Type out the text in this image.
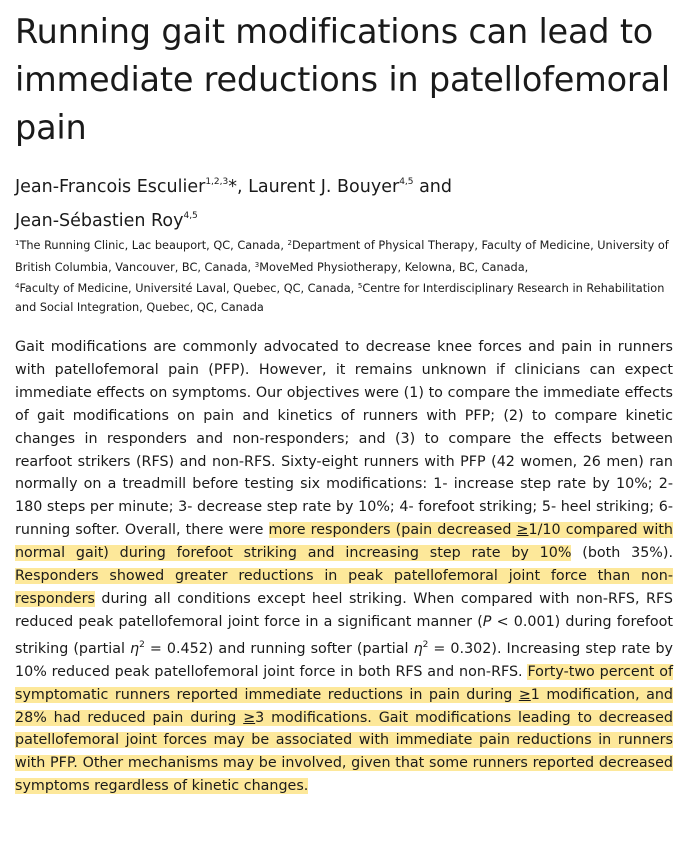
Running gait modifications can lead to immediate reductions in patellofemoral pain
Jean-Francois Esculier$^{1,2,3}$*, Laurent J. Bouyer$^{4,5}$ and
Jean-Sébastien Roy$^{4,5}$
$^1$The Running Clinic, Lac beauport, QC, Canada, $^2$Department of Physical Therapy, Faculty of Medicine, University of British Columbia, Vancouver, BC, Canada, $^3$MoveMed Physiotherapy, Kelowna, BC, Canada,
$^4$Faculty of Medicine, Université Laval, Quebec, QC, Canada, $^5$Centre for Interdisciplinary Research in Rehabilitation and Social Integration, Quebec, QC, Canada
Gait modifications are commonly advocated to decrease knee forces and pain in runners with patellofemoral pain (PFP). However, it remains unknown if clinicians can expect immediate effects on symptoms. Our objectives were (1) to compare the immediate effects of gait modifications on pain and kinetics of runners with PFP; (2) to compare kinetic changes in responders and non-responders; and (3) to compare the effects between rearfoot strikers (RFS) and non-RFS. Sixty-eight runners with PFP (42 women, 26 men) ran normally on a treadmill before testing six modifications: 1- increase step rate by 10%; 2- 180 steps per minute; 3- decrease step rate by 10%; 4- forefoot striking; 5- heel striking; 6- running softer. Overall, there were more responders (pain decreased ≥1/10 compared with normal gait) during forefoot striking and increasing step rate by 10% (both 35%). Responders showed greater reductions in peak patellofemoral joint force than non-responders during all conditions except heel striking. When compared with non-RFS, RFS reduced peak patellofemoral joint force in a significant manner (P < 0.001) during forefoot striking (partial $\eta^2 = 0.452$) and running softer (partial $\eta^2 = 0.302$). Increasing step rate by 10% reduced peak patellofemoral joint force in both RFS and non-RFS. Forty-two percent of symptomatic runners reported immediate reductions in pain during ≥1 modification, and 28% had reduced pain during ≥3 modifications. Gait modifications leading to decreased patellofemoral joint forces may be associated with immediate pain reductions in runners with PFP. Other mechanisms may be involved, given that some runners reported decreased symptoms regardless of kinetic changes.
